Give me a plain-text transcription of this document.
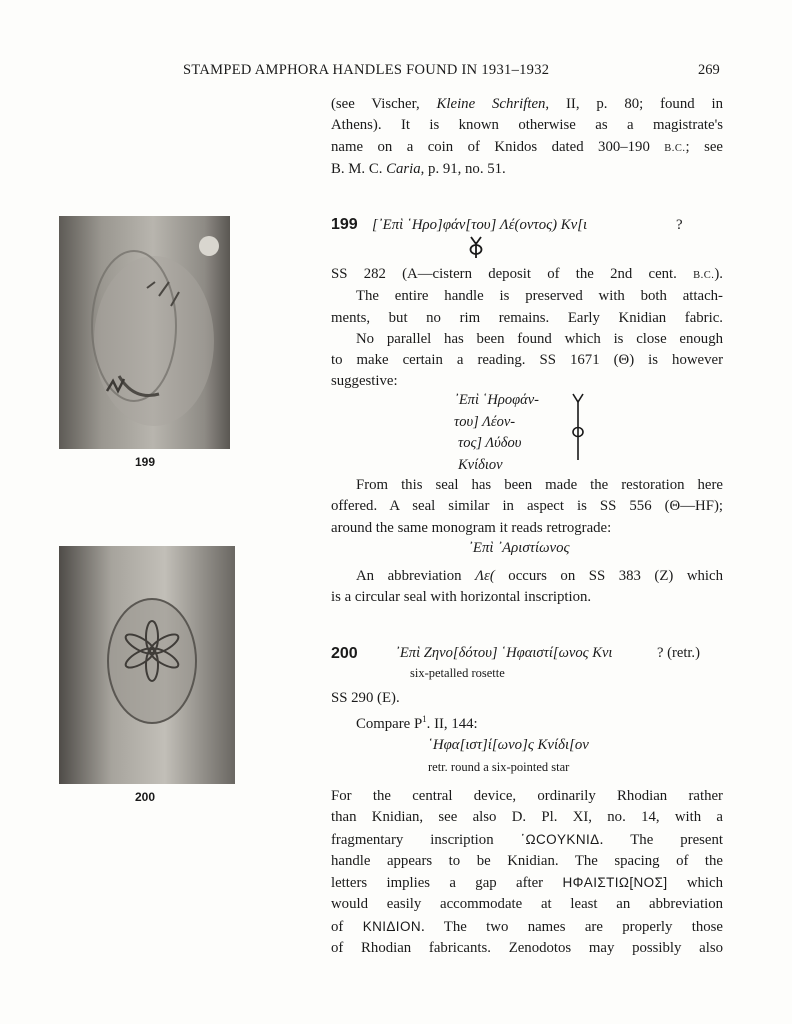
STAMPED AMPHORA HANDLES FOUND IN 1931–1932	269
(see Vischer, Kleine Schriften, II, p. 80; found in
Athens). It is known otherwise as a magistrate's
name on a coin of Knidos dated 300–190 B.C.; see
B. M. C. Caria, p. 91, no. 51.
199
200
199 [᾿Επὶ ῾Ηρο]φάν[του] Λέ(οντος) Κν[ι	?
SS 282 (A—cistern deposit of the 2nd cent. B.C.).
The entire handle is preserved with both attach-
ments, but no rim remains. Early Knidian fabric.
No parallel has been found which is close enough
to make certain a reading. SS 1671 (Θ) is however
suggestive:
᾿Επὶ ῾Ηροφάν-
του] Λέον-
τος] Λύδου
Κνίδιον
From this seal has been made the restoration here
offered. A seal similar in aspect is SS 556 (Θ—HF);
around the same monogram it reads retrograde:
᾿Επὶ ᾿Αριστίωνος
An abbreviation Λε( occurs on SS 383 (Z) which
is a circular seal with horizontal inscription.
200	᾿Επὶ Ζηνο[δότου] ῾Ηφαιστί[ωνος Κνι	? (retr.)
six-petalled rosette
SS 290 (E).
Compare $P^1$. II, 144:
῾Ηφα[ιστ]ί[ωνο]ς Κνίδι[ον
retr. round a six-pointed star
For the central device, ordinarily Rhodian rather
than Knidian, see also D. Pl. XI, no. 14, with a
fragmentary inscription ῾ΩCOYKNIΔ. The present
handle appears to be Knidian. The spacing of the
letters implies a gap after HΦAIΣTIΩ[NOΣ] which
would easily accommodate at least an abbreviation
of KNIΔION. The two names are properly those
of Rhodian fabricants. Zenodotos may possibly also
